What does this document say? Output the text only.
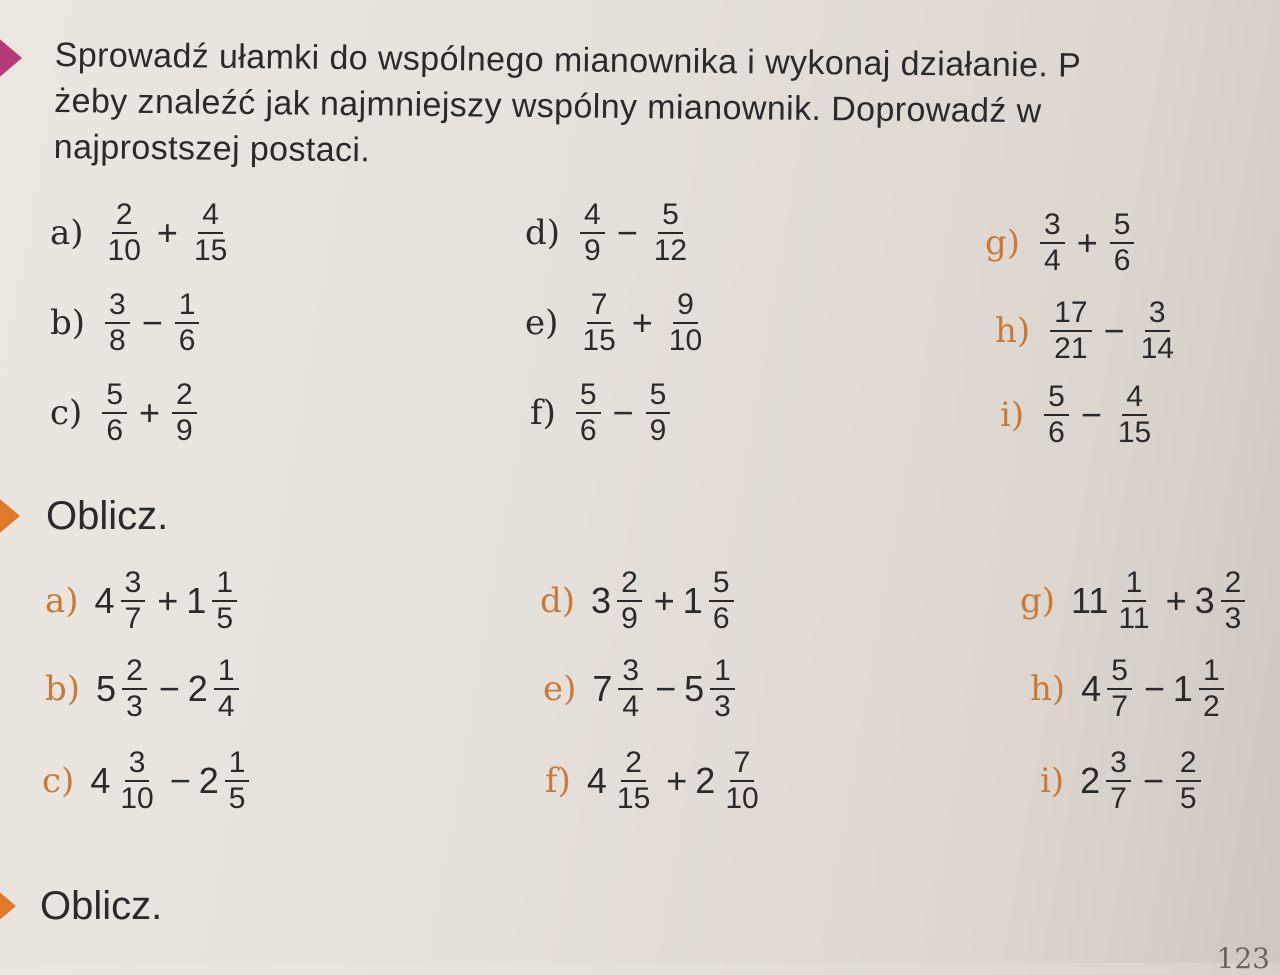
Sprowadź ułamki do wspólnego mianownika i wykonaj działanie. P
żeby znaleźć jak najmniejszy wspólny mianownik. Doprowadź w
najprostszej postaci.
$a) \frac{2}{10} + \frac{4}{15}$
$b) \frac{3}{8} - \frac{1}{6}$
$c) \frac{5}{6} + \frac{2}{9}$
$d) \frac{4}{9} - \frac{5}{12}$
$e) \frac{7}{15} + \frac{9}{10}$
$f) \frac{5}{6} - \frac{5}{9}$
$g) \frac{3}{4} + \frac{5}{6}$
$h) \frac{17}{21} - \frac{3}{14}$
$i) \frac{5}{6} - \frac{4}{15}$
Oblicz.
a) $4 \frac{3}{7} + 1 \frac{1}{5}$
b) $5 \frac{2}{3} - 2 \frac{1}{4}$
c) $4 \frac{3}{10} - 2 \frac{1}{5}$
d) $3 \frac{2}{9} + 1 \frac{5}{6}$
e) $7 \frac{3}{4} - 5 \frac{1}{3}$
f) $4 \frac{2}{15} + 2 \frac{7}{10}$
g) $11 \frac{1}{11} + 3 \frac{2}{3}$
h) $4 \frac{5}{7} - 1 \frac{1}{2}$
i) $2 \frac{3}{7} - \frac{2}{5}$
Oblicz.
123
